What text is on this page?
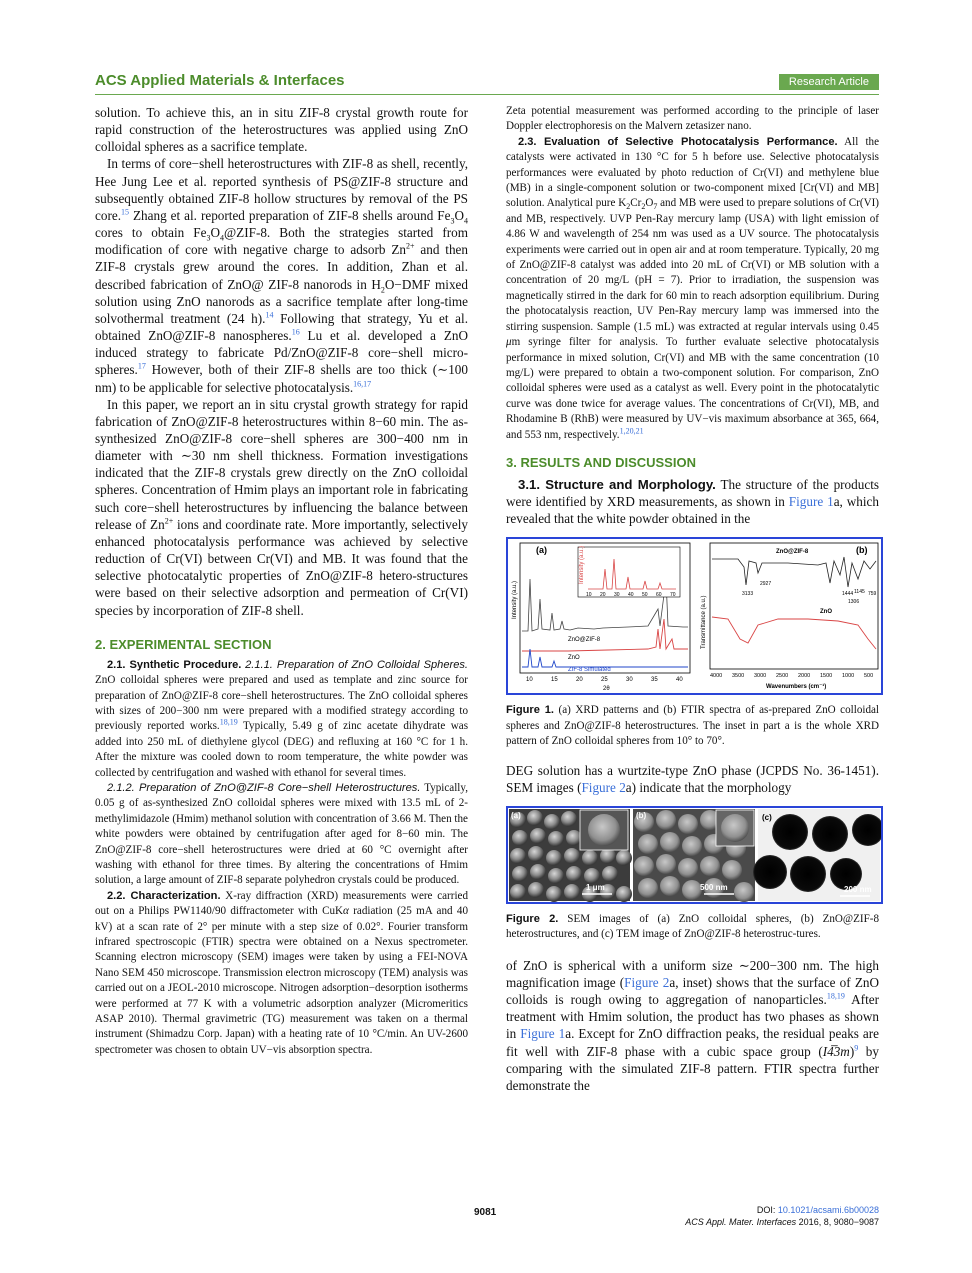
ACS Applied Materials & Interfaces	Research Article

solution. To achieve this, an in situ ZIF-8 crystal growth route for rapid construction of the heterostructures was applied using ZnO colloidal spheres as a sacrifice template.

In terms of core−shell heterostructures with ZIF-8 as shell, recently, Hee Jung Lee et al. reported synthesis of PS@ZIF-8 structure and subsequently obtained ZIF-8 hollow structures by removal of the PS core.$^{15}$ Zhang et al. reported preparation of ZIF-8 shells around $Fe_3O_4$ cores to obtain $Fe_3O_4@ZIF-8$. Both the strategies started from modification of core with negative charge to adsorb $Zn^{2+}$ and then ZIF-8 crystals grew around the cores. In addition, Zhan et al. described fabrication of ZnO@ ZIF-8 nanorods in $H_2O-DMF$ mixed solution using ZnO nanorods as a sacrifice template after long-time solvothermal treatment (24 h).$^{14}$ Following that strategy, Yu et al. obtained ZnO@ZIF-8 nanospheres.$^{16}$ Lu et al. developed a ZnO induced strategy to fabricate Pd/ZnO@ZIF-8 core−shell micro-spheres.$^{17}$ However, both of their ZIF-8 shells are too thick (∼100 nm) to be applicable for selective photocatalysis.$^{16,17}$

In this paper, we report an in situ crystal growth strategy for rapid fabrication of ZnO@ZIF-8 heterostructures within 8−60 min. The as-synthesized ZnO@ZIF-8 core−shell spheres are 300−400 nm in diameter with ∼30 nm shell thickness. Formation investigations indicated that the ZIF-8 crystals grew directly on the ZnO colloidal spheres. Concentration of Hmim plays an important role in fabricating such core−shell heterostructures by influencing the balance between release of $Zn^{2+}$ ions and coordinate rate. More importantly, selectively enhanced photocatalysis performance was achieved by selective reduction of Cr(VI) between Cr(VI) and MB. It was found that the selective photocatalytic properties of ZnO@ZIF-8 hetero-structures were based on their selective adsorption and permeation of Cr(VI) species by incorporation of ZIF-8 shell.

2. EXPERIMENTAL SECTION

2.1. Synthetic Procedure. 2.1.1. Preparation of ZnO Colloidal Spheres. ZnO colloidal spheres were prepared and used as template and zinc source for preparation of ZnO@ZIF-8 core−shell heterostructures. The ZnO colloidal spheres with sizes of 200−300 nm were prepared with a modified strategy according to previously reported works.$^{18,19}$ Typically, 5.49 g of zinc acetate dihydrate was added into 250 mL of diethylene glycol (DEG) and refluxing at 160 °C for 1 h. After the mixture was cooled down to room temperature, the white powder was collected by centrifugation and washed with ethanol for several times.

2.1.2. Preparation of ZnO@ZIF-8 Core−shell Heterostructures. Typically, 0.05 g of as-synthesized ZnO colloidal spheres were mixed with 13.5 mL of 2-methylimidazole (Hmim) methanol solution with concentration of 3.66 M. Then the white powders were obtained by centrifugation after aged for 8−60 min. The ZnO@ZIF-8 core−shell heterostructures were dried at 60 °C overnight after washing with ethanol for three times. By altering the concentrations of Hmim solution, a large amount of ZIF-8 separate polyhedron crystals could be produced.

2.2. Characterization. X-ray diffraction (XRD) measurements were carried out on a Philips PW1140/90 diffractometer with CuKα radiation (25 mA and 40 kV) at a scan rate of 2° per minute with a step size of 0.02°. Fourier transform infrared spectroscopic (FTIR) spectra were obtained on a Nexus spectrometer. Scanning electron microscopy (SEM) images were taken by using a FEI-NOVA Nano SEM 450 microscope. Transmission electron microscopy (TEM) analysis was carried out on a JEOL-2010 microscope. Nitrogen adsorption−desorption isotherms were performed at 77 K with a volumetric adsorption analyzer (Micromeritics ASAP 2010). Thermal gravimetric (TG) measurement was taken on a thermal instrument (Shimadzu Corp. Japan) with a heating rate of 10 °C/min. An UV-2600 spectrometer was chosen to obtain UV−vis absorption spectra.

Zeta potential measurement was performed according to the principle of laser Doppler electrophoresis on the Malvern zetasizer nano.

2.3. Evaluation of Selective Photocatalysis Performance. All the catalysts were activated in 130 °C for 5 h before use. Selective photocatalysis performances were evaluated by photo reduction of Cr(VI) and methylene blue (MB) in a single-component solution or two-component mixed [Cr(VI) and MB] solution. Analytical pure $K_2Cr_2O_7$ and MB were used to prepare solutions of Cr(VI) and MB, respectively. UVP Pen-Ray mercury lamp (USA) with light emission of 4.86 W and wavelength of 254 nm was used as a UV source. The photocatalysis experiments were carried out in open air and at room temperature. Typically, 20 mg of ZnO@ZIF-8 catalyst was added into 20 mL of Cr(VI) or MB solution with a concentration of 20 mg/L (pH = 7). Prior to irradiation, the suspension was magnetically stirred in the dark for 60 min to reach adsorption equilibrium. During the photocatalysis reaction, UV Pen-Ray mercury lamp was immersed into the stirring suspension. Sample (1.5 mL) was extracted at regular intervals using 0.45 μm syringe filter for analysis. To further evaluate selective photocatalysis performance in mixed solution, Cr(VI) and MB with the same concentration (10 mg/L) were prepared to obtain a two-component solution. For comparison, ZnO colloidal spheres were used as a catalyst as well. Every point in the photocatalytic curve was done twice for average values. The concentrations of Cr(VI), MB, and Rhodamine B (RhB) were measured by UV−vis maximum absorbance at 365, 664, and 553 nm, respectively.$^{1,20,21}$

3. RESULTS AND DISCUSSION

3.1. Structure and Morphology. The structure of the products were identified by XRD measurements, as shown in Figure 1a, which revealed that the white powder obtained in the

(a)
Intensity (a.u.)
10	15	20	25	30	35	40
2θ
ZnO@ZIF-8
ZnO
ZIF-8 Simulated
Intensity (a.u.)
10 20 30 40 50 60 70
(b)
ZnO@ZIF-8
Transmittance (a.u.)	ZnO
3133
2927
1444 1145 759
1306
4000 3500 3000 2500 2000 1500 1000 500
Wavenumbers (cm⁻¹)

Figure 1. (a) XRD patterns and (b) FTIR spectra of as-prepared ZnO colloidal spheres and ZnO@ZIF-8 heterostructures. The inset in part a is the whole XRD pattern of ZnO colloidal spheres from 10° to 70°.

DEG solution has a wurtzite-type ZnO phase (JCPDS No. 36-1451). SEM images (Figure 2a) indicate that the morphology

(a)
1 μm
(b)
500 nm
(c)
200 nm

Figure 2. SEM images of (a) ZnO colloidal spheres, (b) ZnO@ZIF-8 heterostructures, and (c) TEM image of ZnO@ZIF-8 heterostruc-tures.

of ZnO is spherical with a uniform size ∼200−300 nm. The high magnification image (Figure 2a, inset) shows that the surface of ZnO colloids is rough owing to aggregation of nanoparticles.$^{18,19}$ After treatment with Hmim solution, the product has two phases as shown in Figure 1a. Except for ZnO diffraction peaks, the residual peaks are fit well with ZIF-8 phase with a cubic space group (I4̅3m)$^9$ by comparing with the simulated ZIF-8 pattern. FTIR spectra further demonstrate the

9081	DOI: 10.1021/acsami.6b00028
ACS Appl. Mater. Interfaces 2016, 8, 9080−9087
